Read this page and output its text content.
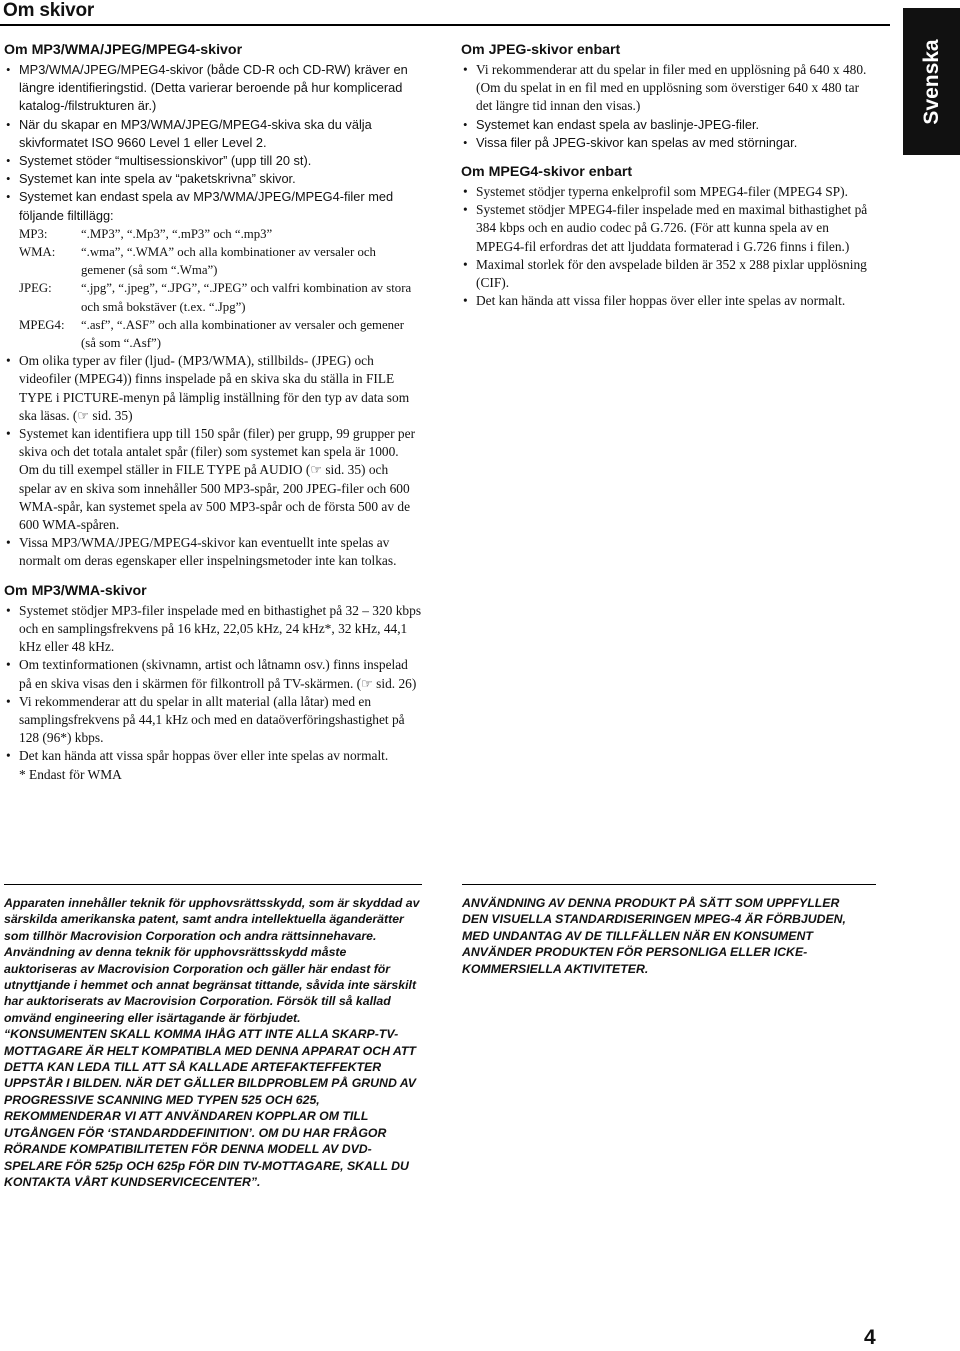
Om skivor
Svenska
Om MP3/WMA/JPEG/MPEG4-skivor
• MP3/WMA/JPEG/MPEG4-skivor (både CD-R och CD-RW) kräver en längre identifieringstid. (Detta varierar beroende på hur komplicerad katalog-/filstrukturen är.)
• När du skapar en MP3/WMA/JPEG/MPEG4-skiva ska du välja skivformatet ISO 9660 Level 1 eller Level 2.
• Systemet stöder “multisessionskivor” (upp till 20 st).
• Systemet kan inte spela av “paketskrivna” skivor.
• Systemet kan endast spela av MP3/WMA/JPEG/MPEG4-filer med följande filtillägg:
MP3:	“.MP3”, “.Mp3”, “.mP3” och “.mp3”
WMA:	“.wma”, “.WMA” och alla kombinationer av versaler och gemener (så som “.Wma”)
JPEG:	“.jpg”, “.jpeg”, “.JPG”, “.JPEG” och valfri kombination av stora och små bokstäver (t.ex. “.Jpg”)
MPEG4:	“.asf”, “.ASF” och alla kombinationer av versaler och gemener (så som “.Asf”)
• Om olika typer av filer (ljud- (MP3/WMA), stillbilds- (JPEG) och videofiler (MPEG4)) finns inspelade på en skiva ska du ställa in FILE TYPE i PICTURE-menyn på lämplig inställning för den typ av data som ska läsas. (☞ sid. 35)
• Systemet kan identifiera upp till 150 spår (filer) per grupp, 99 grupper per skiva och det totala antalet spår (filer) som systemet kan spela är 1000. Om du till exempel ställer in FILE TYPE på AUDIO (☞ sid. 35) och spelar av en skiva som innehåller 500 MP3-spår, 200 JPEG-filer och 600 WMA-spår, kan systemet spela av 500 MP3-spår och de första 500 av de 600 WMA-spåren.
• Vissa MP3/WMA/JPEG/MPEG4-skivor kan eventuellt inte spelas av normalt om deras egenskaper eller inspelningsmetoder inte kan tolkas.
Om MP3/WMA-skivor
• Systemet stödjer MP3-filer inspelade med en bithastighet på 32 – 320 kbps och en samplingsfrekvens på 16 kHz, 22,05 kHz, 24 kHz*, 32 kHz, 44,1 kHz eller 48 kHz.
• Om textinformationen (skivnamn, artist och låtnamn osv.) finns inspelad på en skiva visas den i skärmen för filkontroll på TV-skärmen. (☞ sid. 26)
• Vi rekommenderar att du spelar in allt material (alla låtar) med en samplingsfrekvens på 44,1 kHz och med en dataöverföringshastighet på 128 (96*) kbps.
• Det kan hända att vissa spår hoppas över eller inte spelas av normalt.
* Endast för WMA
Om JPEG-skivor enbart
• Vi rekommenderar att du spelar in filer med en upplösning på 640 x 480. (Om du spelat in en fil med en upplösning som överstiger 640 x 480 tar det längre tid innan den visas.)
• Systemet kan endast spela av baslinje-JPEG-filer.
• Vissa filer på JPEG-skivor kan spelas av med störningar.
Om MPEG4-skivor enbart
• Systemet stödjer typerna enkelprofil som MPEG4-filer (MPEG4 SP).
• Systemet stödjer MPEG4-filer inspelade med en maximal bithastighet på 384 kbps och en audio codec på G.726. (För att kunna spela av en MPEG4-fil erfordras det att ljuddata formaterad i G.726 finns i filen.)
• Maximal storlek för den avspelade bilden är 352 x 288 pixlar upplösning (CIF).
• Det kan hända att vissa filer hoppas över eller inte spelas av normalt.

Apparaten innehåller teknik för upphovsrättsskydd, som är skyddad av särskilda amerikanska patent, samt andra intellektuella äganderätter som tillhör Macrovision Corporation och andra rättsinnehavare. Användning av denna teknik för upphovsrättsskydd måste auktoriseras av Macrovision Corporation och gäller här endast för utnyttjande i hemmet och annat begränsat tittande, såvida inte särskilt har auktoriserats av Macrovision Corporation. Försök till så kallad omvänd engineering eller isärtagande är förbjudet.

“KONSUMENTEN SKALL KOMMA IHÅG ATT INTE ALLA SKARP-TV-MOTTAGARE ÄR HELT KOMPATIBLA MED DENNA APPARAT OCH ATT DETTA KAN LEDA TILL ATT SÅ KALLADE ARTEFAKTEFFEKTER UPPSTÅR I BILDEN. NÄR DET GÄLLER BILDPROBLEM PÅ GRUND AV PROGRESSIVE SCANNING MED TYPEN 525 OCH 625, REKOMMENDERAR VI ATT ANVÄNDAREN KOPPLAR OM TILL UTGÅNGEN FÖR ‘STANDARDDEFINITION’. OM DU HAR FRÅGOR RÖRANDE KOMPATIBILITETEN FÖR DENNA MODELL AV DVD-SPELARE FÖR 525p OCH 625p FÖR DIN TV-MOTTAGARE, SKALL DU KONTAKTA VÅRT KUNDSERVICECENTER”.

ANVÄNDNING AV DENNA PRODUKT PÅ SÄTT SOM UPPFYLLER DEN VISUELLA STANDARDISERINGEN MPEG-4 ÄR FÖRBJUDEN, MED UNDANTAG AV DE TILLFÄLLEN NÄR EN KONSUMENT ANVÄNDER PRODUKTEN FÖR PERSONLIGA ELLER ICKE-KOMMERSIELLA AKTIVITETER.

4
